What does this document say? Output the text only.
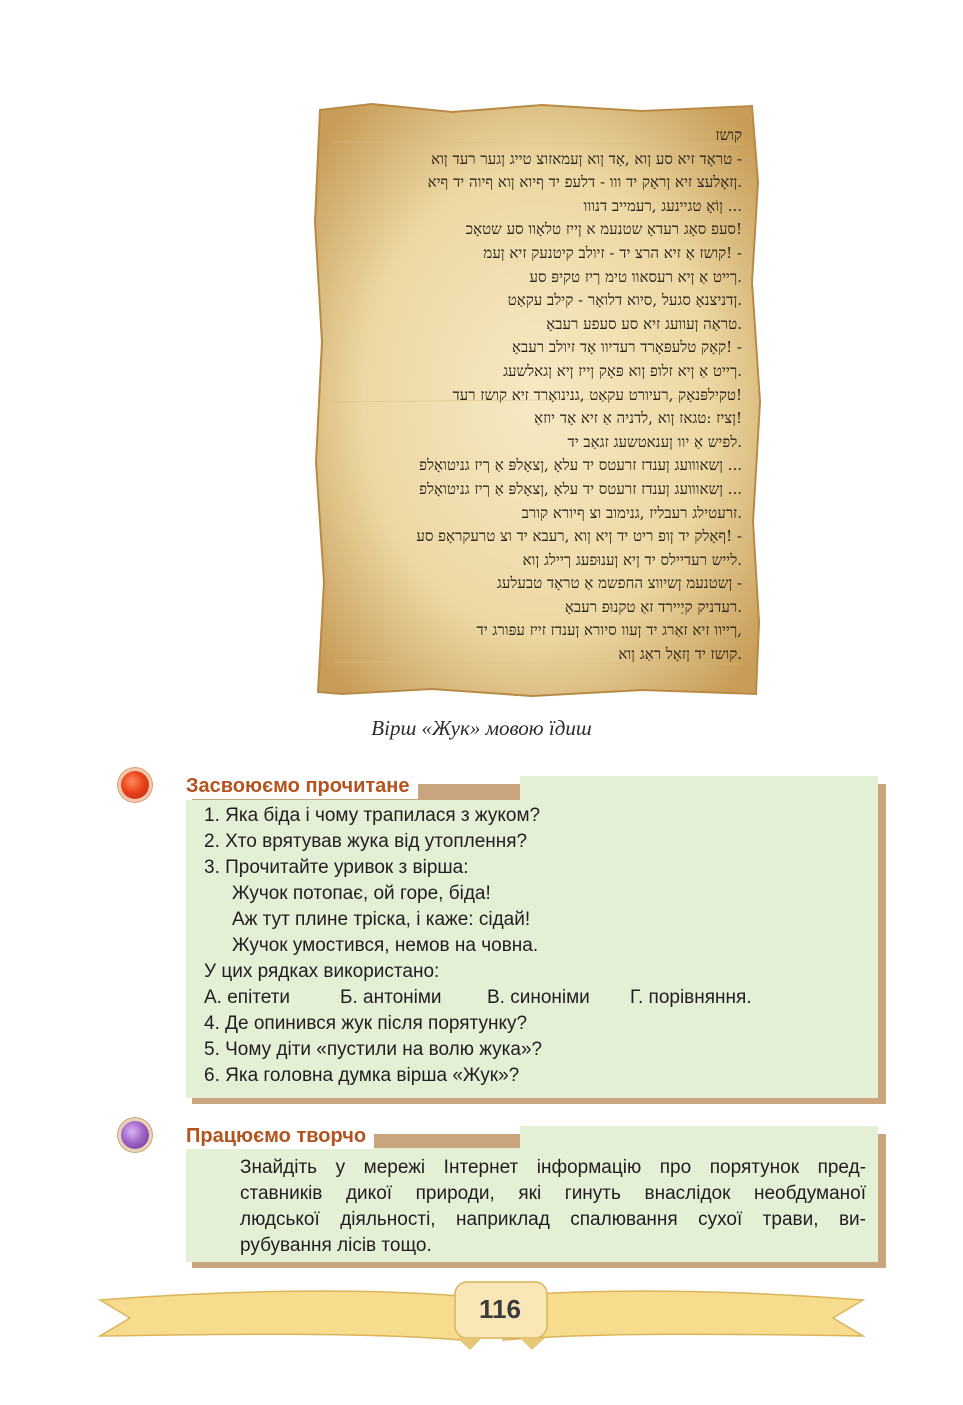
קושז
- טראָד זיא סע ןוא ,אָד ןוא ןעמאזוצ טייג ןגער רעד ןוא
.ןזאָלעצ זיא ןראָק יד ווו - דלעפ יד ףיוא ןוא ףיוה יד ףיא
... ןוֹאָ טגיינעג ,רעמייב דנווו
!סעפ סאָג רעדאָ שטנעמ א ןייז טלאָוו סע שטאָכ
- !קושז אַ זיא הרצ יד - זיולב קיטנעק זיא ןעמ
.ךייט אַ ןיא רעסאוו טימ ךיז טקיפּ סע
.ןדניצנאָ סגעל ,סיוא דלואָר - קילב עקאַט
.טראַה ןעוועג זיא סע סעפע רעבאָ
- !קאָק טלעפּאָרד רעדיוו אָד זיולב רעבאָ
.ךייט אַ ןיא זלופ ןוא פּאָק ןייז ןיא ןגאלשעג
!טקילפּנאָק ,רעיורט עקאַט ,גנינואָרד זיא קושז רעד
!ןציז :טגאז ןוא ,לדניה אַ זיא אָד יוזאַ
.לפיש אַ יוו ןענאטשעג זגאַב יד
... ןשאווועג ןענדז זרעטס יד עלאָ ,ןצאָלפּ אַ ךיז גניטואָלפ
... ןשאווועג ןענדז זרעטס יד עלאָ ,ןצאָלפּ אַ ךיז גניטואָלפ
.זרעטילג רעבליז ,גנימוב וצ ףיורא קורב
- !ףאָלק יד ןופ ריט יד ןיא ןוא ,רעבא יד וצ טרעקראָפ סע
.לייש רעדיילס יד ןיא ןענוּפעג ךיילג ןוא
- ןשטנעמ ןשיווצ החפשמ אַ טראָד טבעלעג
.רעדניק קיַיירד זאַ טקנוּפ רעבאָ
,ךייוו זיא זאַרג יד ןעוו סיורא ןענדז זייז עפּורג יד
.קושז יד ןזאָל ראַג ןוא
Вірш «Жук» мовою їдиш
Засвоюємо прочитане
1. Яка біда і чому трапилася з жуком?
2. Хто врятував жука від утоплення?
3. Прочитайте уривок з вірша:
Жучок потопає, ой горе, біда!
Аж тут плине тріска, і каже: сідай!
Жучок умостився, немов на човна.
У цих рядках використано:
А. епітети	Б. антоніми В. синоніми Г. порівняння.
4. Де опинився жук після порятунку?
5. Чому діти «пустили на волю жука»?
6. Яка головна думка вірша «Жук»?
Працюємо творчо
Знайдіть у мережі Інтернет інформацію про порятунок пред-
ставників дикої природи, які гинуть внаслідок необдуманої
людської діяльності, наприклад спалювання сухої трави, ви-
рубування лісів тощо.
116
